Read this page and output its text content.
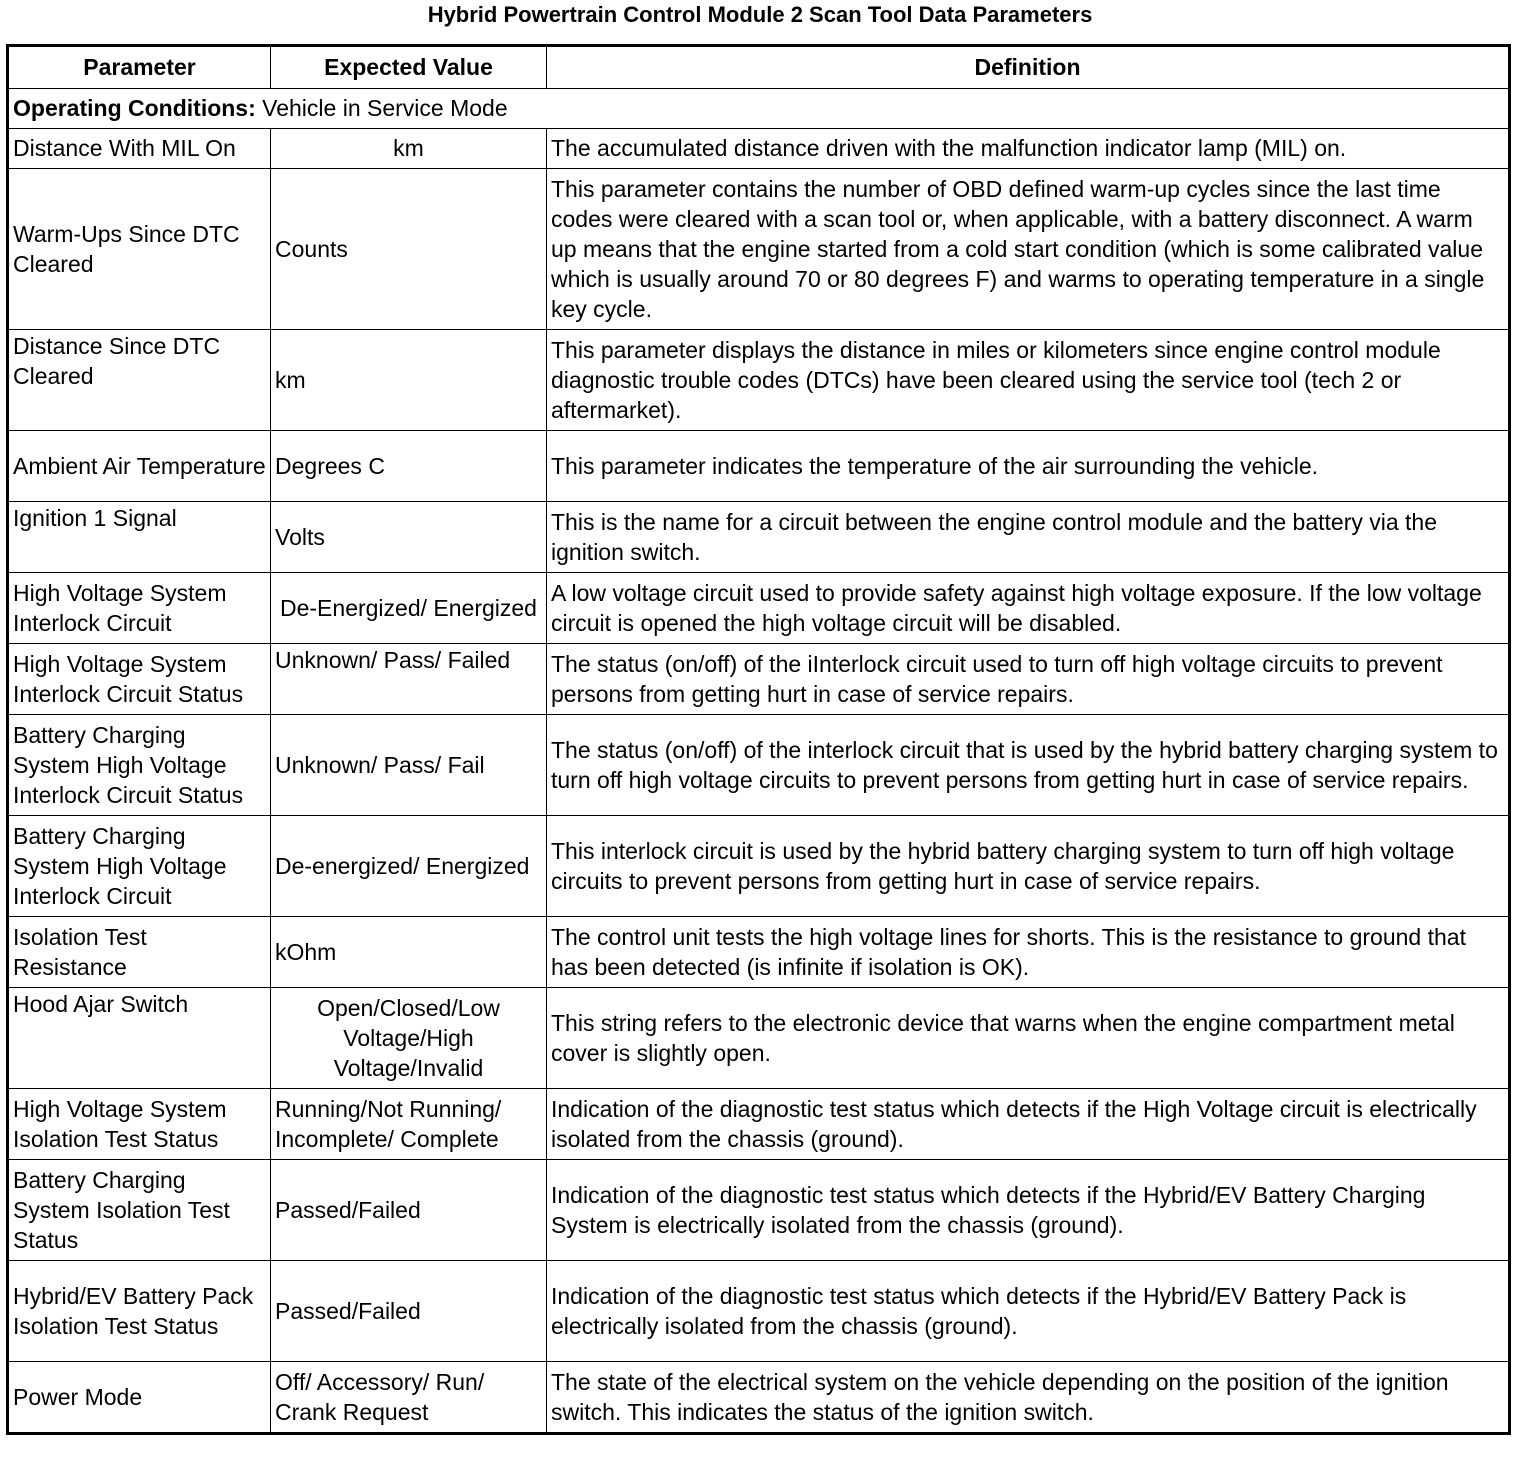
Hybrid Powertrain Control Module 2 Scan Tool Data Parameters
Parameter	Expected Value	Definition
Operating Conditions: Vehicle in Service Mode		
Distance With MIL On	km	The accumulated distance driven with the malfunction indicator lamp (MIL) on.
Warm-Ups Since DTC Cleared	Counts	This parameter contains the number of OBD defined warm-up cycles since the last time codes were cleared with a scan tool or, when applicable, with a battery disconnect. A warm up means that the engine started from a cold start condition (which is some calibrated value which is usually around 70 or 80 degrees F) and warms to operating temperature in a single key cycle.
Distance Since DTC Cleared	km	This parameter displays the distance in miles or kilometers since engine control module diagnostic trouble codes (DTCs) have been cleared using the service tool (tech 2 or aftermarket).
Ambient Air Temperature	Degrees C	This parameter indicates the temperature of the air surrounding the vehicle.
Ignition 1 Signal	Volts	This is the name for a circuit between the engine control module and the battery via the ignition switch.
High Voltage System Interlock Circuit	De-Energized/ Energized	A low voltage circuit used to provide safety against high voltage exposure. If the low voltage circuit is opened the high voltage circuit will be disabled.
High Voltage System Interlock Circuit Status	Unknown/ Pass/ Failed	The status (on/off) of the iInterlock circuit used to turn off high voltage circuits to prevent persons from getting hurt in case of service repairs.
Battery Charging System High Voltage Interlock Circuit Status	Unknown/ Pass/ Fail	The status (on/off) of the interlock circuit that is used by the hybrid battery charging system to turn off high voltage circuits to prevent persons from getting hurt in case of service repairs.
Battery Charging System High Voltage Interlock Circuit	De-energized/ Energized	This interlock circuit is used by the hybrid battery charging system to turn off high voltage circuits to prevent persons from getting hurt in case of service repairs.
Isolation Test Resistance	kOhm	The control unit tests the high voltage lines for shorts. This is the resistance to ground that has been detected (is infinite if isolation is OK).
Hood Ajar Switch	Open/Closed/Low Voltage/High Voltage/Invalid	This string refers to the electronic device that warns when the engine compartment metal cover is slightly open.
High Voltage System Isolation Test Status	Running/Not Running/ Incomplete/ Complete	Indication of the diagnostic test status which detects if the High Voltage circuit is electrically isolated from the chassis (ground).
Battery Charging System Isolation Test Status	Passed/Failed	Indication of the diagnostic test status which detects if the Hybrid/EV Battery Charging System is electrically isolated from the chassis (ground).
Hybrid/EV Battery Pack Isolation Test Status	Passed/Failed	Indication of the diagnostic test status which detects if the Hybrid/EV Battery Pack is electrically isolated from the chassis (ground).
Power Mode	Off/ Accessory/ Run/ Crank Request	The state of the electrical system on the vehicle depending on the position of the ignition switch. This indicates the status of the ignition switch.
